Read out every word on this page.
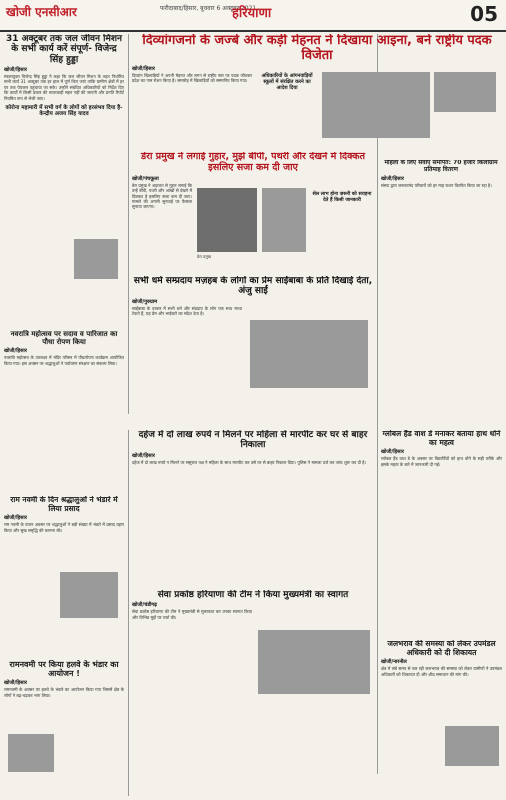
खोजी एनसीआर	फरीदाबाद/हिसार, बुधवार 6 अक्टूबर 2021
हरियाणा	05

31 अक्टूबर तक जल जीवन मिशन के सभी कार्य करें संपूर्ण- विजेन्द्र सिंह हुड्डा

खोजी/हिसार

मंडलायुक्त विजेन्द्र सिंह हुड्डा ने कहा कि जल जीवन मिशन के तहत निर्धारित सभी कार्य 31 अक्टूबर तक हर हाल में पूर्ण किए जाएं ताकि ग्रामीण क्षेत्रों में हर घर तक पेयजल पहुंचाया जा सके। उन्होंने संबंधित अधिकारियों को निर्देश दिए कि कार्यों में किसी प्रकार की लापरवाही सहन नहीं की जाएगी और प्रगति रिपोर्ट नियमित रूप से भेजी जाए।

कोरोना महामारी में सभी वर्ग के लोगों को हरसंभव दिया है- केन्द्रीय अजय सिंह यादव

नवरात्रि महोत्सव पर सदाव व पारिजात का पौधा रोपण किया

खोजी/हिसार

नवरात्रि महोत्सव के उपलक्ष्य में मंदिर परिसर में पौधारोपण कार्यक्रम आयोजित किया गया। इस अवसर पर श्रद्धालुओं ने पर्यावरण संरक्षण का संकल्प लिया।

राम नवमी के दिन श्रद्धालुओं ने भंडारे में लिया प्रसाद

खोजी/हिसार

राम नवमी के पावन अवसर पर श्रद्धालुओं ने बड़ी संख्या में भंडारे में प्रसाद ग्रहण किया और सुख समृद्धि की कामना की।

रामनवमी पर किया हलवे के भंडार का आयोजन !

खोजी/हिसार

रामनवमी के अवसर पर हलवे के भंडारे का आयोजन किया गया जिसमें क्षेत्र के लोगों ने बढ़-चढ़कर भाग लिया।

दिव्यांगजनों के जज्बे और कड़ी मेहनत ने दिखाया आइना, बने राष्ट्रीय पदक विजेता

खोजी/हिसार

दिव्यांग खिलाड़ियों ने अपनी मेहनत और लगन से राष्ट्रीय स्तर पर पदक जीतकर प्रदेश का नाम रोशन किया है। समारोह में खिलाड़ियों को सम्मानित किया गया।

अधिकारियों के आंगनवाड़ियों स्कूलों में संरक्षित करने का आदेश दिया

डेरा प्रमुख ने लगाई गुहार, मुझे बीपी, पथरी और देखने में दिक्कत इसलिए सजा कम दी जाए

खोजी/पंचकूला

डेरा प्रमुख ने अदालत से गुहार लगाई कि उन्हें बीपी, पथरी और आंखों से देखने में दिक्कत है इसलिए सजा कम दी जाए। मामले की अगली सुनवाई पर फैसला सुनाया जाएगा।

डेरा प्रमुख

सेल लाभ होना ज़रूरी को सराहना देते हैं किसी जानकारी

सभी धर्म सम्प्रदाय मज़हब के लोगों का प्रेम साईंबाबा के प्रति दिखाई देता, अंजु साईं

खोजी/गुरुग्राम

साईंबाबा के दरबार में सभी धर्म और संप्रदाय के लोग एक साथ मत्था टेकते हैं, यह प्रेम और भाईचारे का संदेश देता है।

महिला के लिए सेवाएं समर्पित: 70 हजार किलोग्राम प्रतिमाह वितरण

खोजी/हिसार

संस्था द्वारा जरूरतमंद परिवारों को हर माह राशन वितरित किया जा रहा है।

दहेज में दो लाख रुपये न मिलने पर महिला से मारपीट कर घर से बाहर निकाला

खोजी/हिसार

दहेज में दो लाख रुपये न मिलने पर ससुराल पक्ष ने महिला के साथ मारपीट कर उसे घर से बाहर निकाल दिया। पुलिस ने मामला दर्ज कर जांच शुरू कर दी है।

ग्लोबल हैंड वाश डे मनाकर बताया हाथ धोने का महत्व

खोजी/हिसार

ग्लोबल हैंड वाश डे के अवसर पर विद्यार्थियों को हाथ धोने के सही तरीके और इसके महत्व के बारे में जानकारी दी गई।

सेवा प्रकोष्ठ हरियाणा की टीम ने किया मुख्यमंत्री का स्वागत

खोजी/चंडीगढ़

सेवा प्रकोष्ठ हरियाणा की टीम ने मुख्यमंत्री से मुलाकात कर उनका स्वागत किया और विभिन्न मुद्दों पर चर्चा की।

जलभराव की समस्या को लेकर उपमंडल अधिकारी को दी शिकायत

खोजी/नारनौल

क्षेत्र में लंबे समय से चल रही जलभराव की समस्या को लेकर ग्रामीणों ने उपमंडल अधिकारी को शिकायत दी और शीघ्र समाधान की मांग की।
